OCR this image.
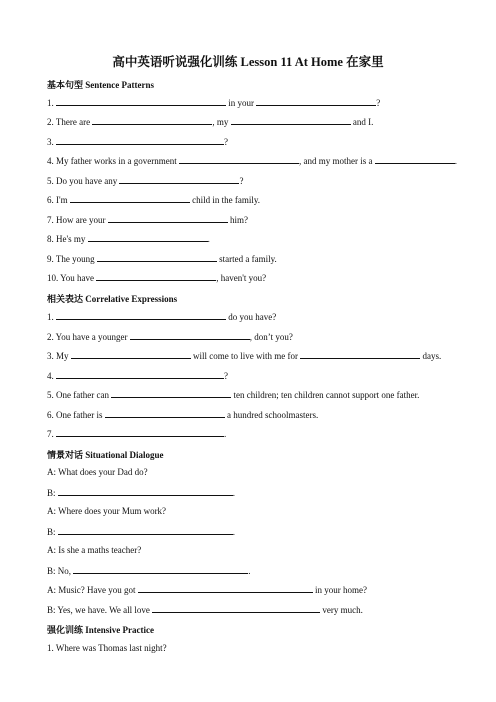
高中英语听说强化训练 Lesson 11 At Home 在家里
基本句型 Sentence Patterns
1.	in your	?
2. There are	, my	and I.
3.	?
4. My father works in a government	, and my mother is a	.
5. Do you have any	?
6. I'm	child in the family.
7. How are your	him?
8. He's my	.
9. The young	started a family.
10. You have	, haven't you?
相关表达 Correlative Expressions
1.	do you have?
2. You have a younger	, don’t you?
3. My	will come to live with me for	days.
4.	?
5. One father can	ten children; ten children cannot support one father.
6. One father is	a hundred schoolmasters.
7.	.
情景对话 Situational Dialogue
A: What does your Dad do?
B:	.
A: Where does your Mum work?
B:	.
A: Is she a maths teacher?
B: No,	.
A: Music? Have you got	in your home?
B: Yes, we have. We all love	very much.
强化训练 Intensive Practice
1. Where was Thomas last night?
